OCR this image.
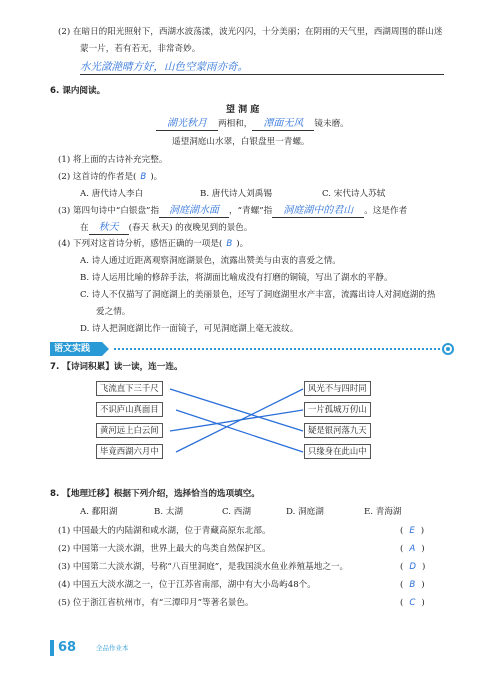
(2) 在暗日的阳光照射下，西湖水波荡漾，波光闪闪，十分美丽；在阴雨的天气里，西湖周围的群山迷
蒙一片，若有若无，非常奇妙。
水光潋滟晴方好，山色空蒙雨亦奇。
6. 课内阅读。
望 洞 庭
湖光秋月 两相和， 潭面无风 镜未磨。
遥望洞庭山水翠，白银盘里一青螺。
(1) 将上面的古诗补充完整。
(2) 这首诗的作者是( B )。
A. 唐代诗人李白	B. 唐代诗人刘禹锡	C. 宋代诗人苏轼
(3) 第四句诗中“白银盘”指 洞庭湖水面 ，“青螺”指 洞庭湖中的君山 。这是作者
在 秋天 (春天 秋天) 的夜晚见到的景色。
(4) 下列对这首诗分析，感悟正确的一项是( B )。
A. 诗人通过近距离观察洞庭湖景色，流露出赞美与由衷的喜爱之情。
B. 诗人运用比喻的修辞手法，将湖面比喻成没有打磨的铜镜，写出了湖水的平静。
C. 诗人不仅描写了洞庭湖上的美丽景色，还写了洞庭湖里水产丰富，流露出诗人对洞庭湖的热
爱之情。
D. 诗人把洞庭湖比作一面镜子，可见洞庭湖上毫无波纹。
语文实践
7. 【诗词积累】读一读，连一连。
飞流直下三千尺
不识庐山真面目
黄河远上白云间
毕竟西湖六月中
风光不与四时同
一片孤城万仞山
疑是银河落九天
只缘身在此山中
8. 【地理迁移】根据下列介绍，选择恰当的选项填空。
A. 鄱阳湖	B. 太湖	C. 西湖	D. 洞庭湖	E. 青海湖
(1) 中国最大的内陆湖和咸水湖，位于青藏高原东北部。	( E )
(2) 中国第一大淡水湖，世界上最大的鸟类自然保护区。	( A )
(3) 中国第二大淡水湖，号称“八百里洞庭”，是我国淡水鱼业养殖基地之一。	( D )
(4) 中国五大淡水湖之一，位于江苏省南部，湖中有大小岛屿48个。	( B )
(5) 位于浙江省杭州市，有“三潭印月”等著名景色。	( C )
68	全品作业本
